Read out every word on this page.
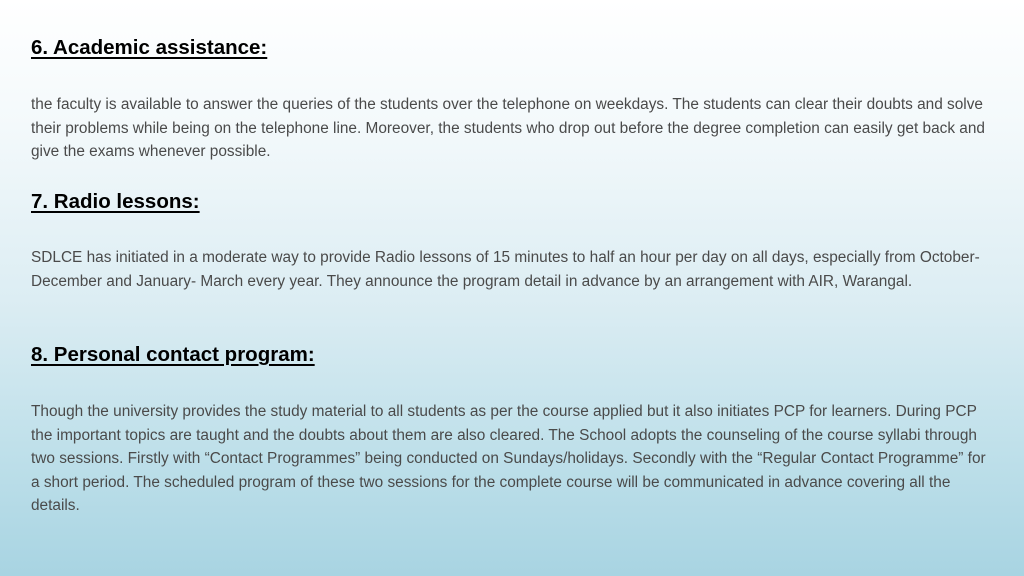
6. Academic assistance:

the faculty is available to answer the queries of the students over the telephone on weekdays. The students can clear their doubts and solve their problems while being on the telephone line. Moreover, the students who drop out before the degree completion can easily get back and give the exams whenever possible.

7. Radio lessons:

SDLCE has initiated in a moderate way to provide Radio lessons of 15 minutes to half an hour per day on all days, especially from October-December and January- March every year. They announce the program detail in advance by an arrangement with AIR, Warangal.

8. Personal contact program:

Though the university provides the study material to all students as per the course applied but it also initiates PCP for learners. During PCP the important topics are taught and the doubts about them are also cleared. The School adopts the counseling of the course syllabi through two sessions. Firstly with “Contact Programmes” being conducted on Sundays/holidays. Secondly with the “Regular Contact Programme” for a short period. The scheduled program of these two sessions for the complete course will be communicated in advance covering all the details.
